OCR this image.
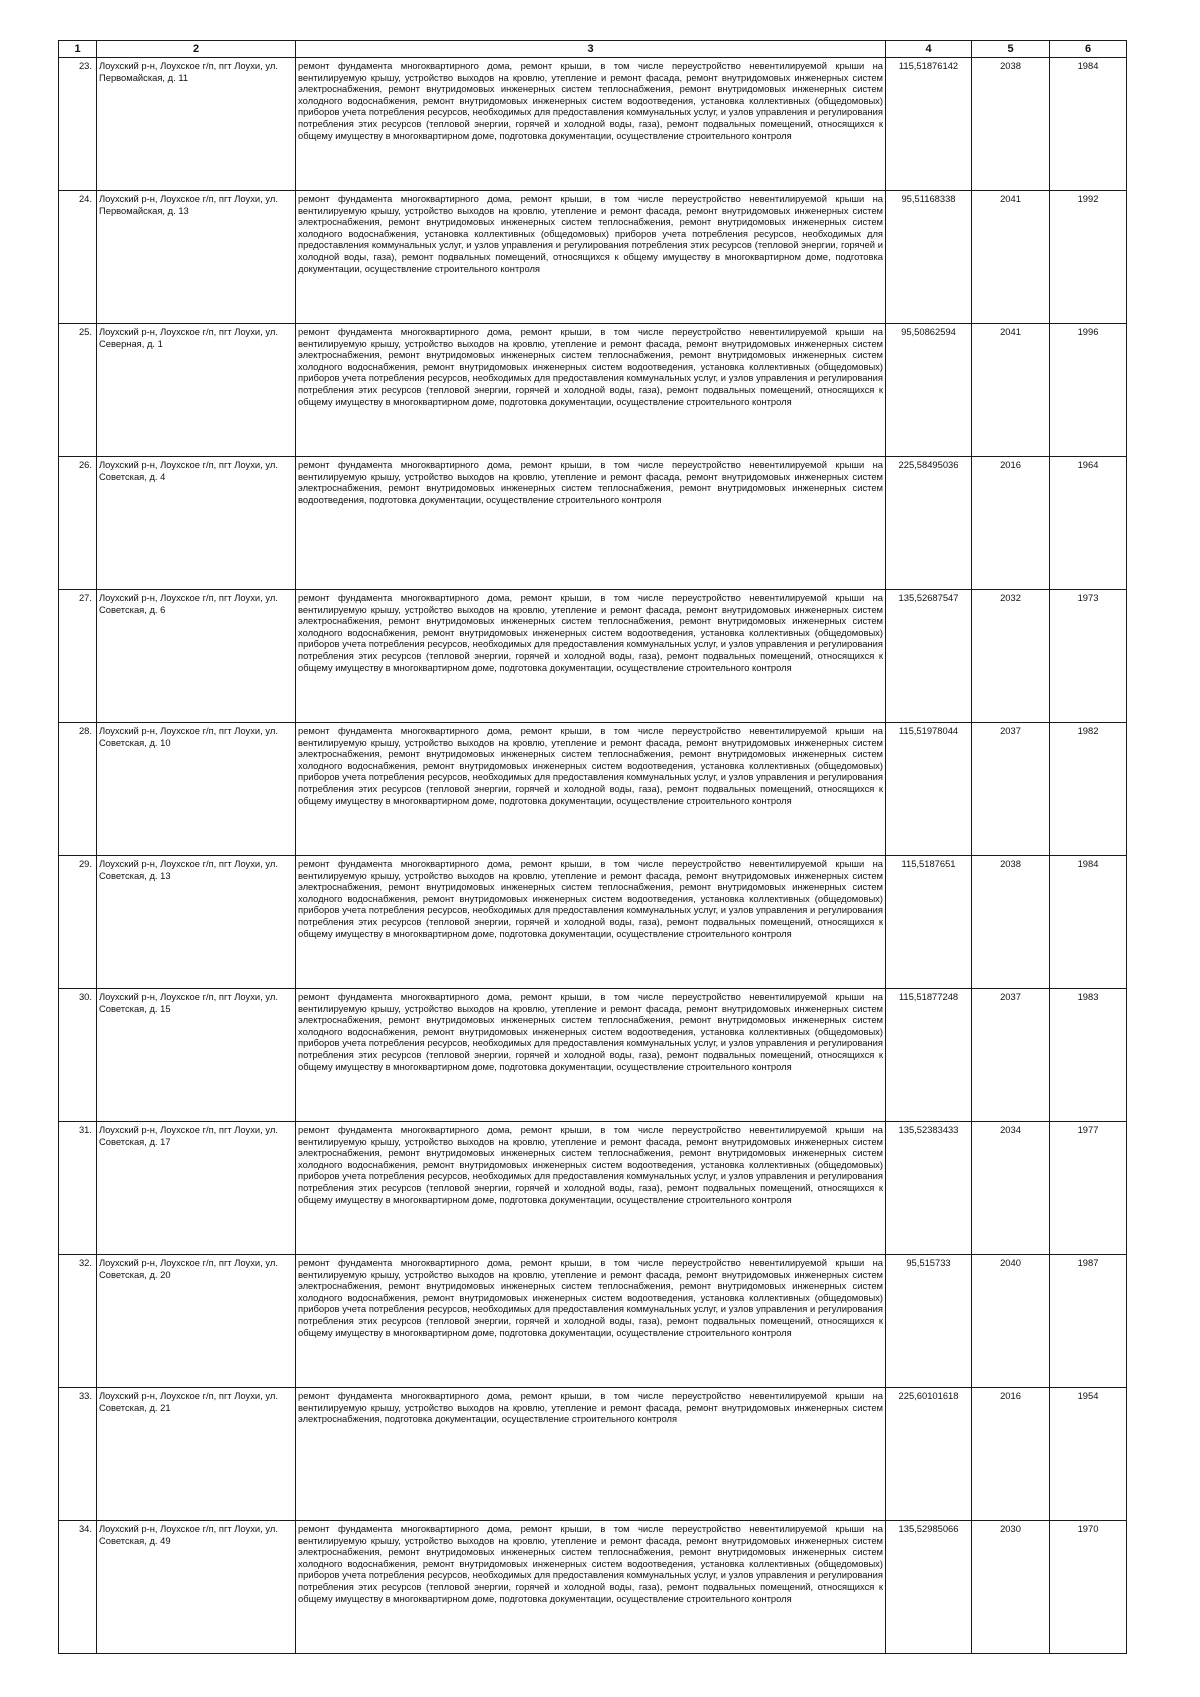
1	2	3	4	5	6
23.	Лоухский р-н, Лоухское г/п, пгт Лоухи, ул. Первомайская, д. 11	ремонт фундамента многоквартирного дома, ремонт крыши, в том числе переустройство невентилируемой крыши на вентилируемую крышу, устройство выходов на кровлю, утепление и ремонт фасада, ремонт внутридомовых инженерных систем электроснабжения, ремонт внутридомовых инженерных систем теплоснабжения, ремонт внутридомовых инженерных систем холодного водоснабжения, ремонт внутридомовых инженерных систем водоотведения, установка коллективных (общедомовых) приборов учета потребления ресурсов, необходимых для предоставления коммунальных услуг, и узлов управления и регулирования потребления этих ресурсов (тепловой энергии, горячей и холодной воды, газа), ремонт подвальных помещений, относящихся к общему имуществу в многоквартирном доме, подготовка документации, осуществление строительного контроля	115,51876142	2038	1984
24.	Лоухский р-н, Лоухское г/п, пгт Лоухи, ул. Первомайская, д. 13	ремонт фундамента многоквартирного дома, ремонт крыши, в том числе переустройство невентилируемой крыши на вентилируемую крышу, устройство выходов на кровлю, утепление и ремонт фасада, ремонт внутридомовых инженерных систем электроснабжения, ремонт внутридомовых инженерных систем теплоснабжения, ремонт внутридомовых инженерных систем холодного водоснабжения, установка коллективных (общедомовых) приборов учета потребления ресурсов, необходимых для предоставления коммунальных услуг, и узлов управления и регулирования потребления этих ресурсов (тепловой энергии, горячей и холодной воды, газа), ремонт подвальных помещений, относящихся к общему имуществу в многоквартирном доме, подготовка документации, осуществление строительного контроля	95,51168338	2041	1992
25.	Лоухский р-н, Лоухское г/п, пгт Лоухи, ул. Северная, д. 1	ремонт фундамента многоквартирного дома, ремонт крыши, в том числе переустройство невентилируемой крыши на вентилируемую крышу, устройство выходов на кровлю, утепление и ремонт фасада, ремонт внутридомовых инженерных систем электроснабжения, ремонт внутридомовых инженерных систем теплоснабжения, ремонт внутридомовых инженерных систем холодного водоснабжения, ремонт внутридомовых инженерных систем водоотведения, установка коллективных (общедомовых) приборов учета потребления ресурсов, необходимых для предоставления коммунальных услуг, и узлов управления и регулирования потребления этих ресурсов (тепловой энергии, горячей и холодной воды, газа), ремонт подвальных помещений, относящихся к общему имуществу в многоквартирном доме, подготовка документации, осуществление строительного контроля	95,50862594	2041	1996
26.	Лоухский р-н, Лоухское г/п, пгт Лоухи, ул. Советская, д. 4	ремонт фундамента многоквартирного дома, ремонт крыши, в том числе переустройство невентилируемой крыши на вентилируемую крышу, устройство выходов на кровлю, утепление и ремонт фасада, ремонт внутридомовых инженерных систем электроснабжения, ремонт внутридомовых инженерных систем теплоснабжения, ремонт внутридомовых инженерных систем водоотведения, подготовка документации, осуществление строительного контроля	225,58495036	2016	1964
27.	Лоухский р-н, Лоухское г/п, пгт Лоухи, ул. Советская, д. 6	ремонт фундамента многоквартирного дома, ремонт крыши, в том числе переустройство невентилируемой крыши на вентилируемую крышу, устройство выходов на кровлю, утепление и ремонт фасада, ремонт внутридомовых инженерных систем электроснабжения, ремонт внутридомовых инженерных систем теплоснабжения, ремонт внутридомовых инженерных систем холодного водоснабжения, ремонт внутридомовых инженерных систем водоотведения, установка коллективных (общедомовых) приборов учета потребления ресурсов, необходимых для предоставления коммунальных услуг, и узлов управления и регулирования потребления этих ресурсов (тепловой энергии, горячей и холодной воды, газа), ремонт подвальных помещений, относящихся к общему имуществу в многоквартирном доме, подготовка документации, осуществление строительного контроля	135,52687547	2032	1973
28.	Лоухский р-н, Лоухское г/п, пгт Лоухи, ул. Советская, д. 10	ремонт фундамента многоквартирного дома, ремонт крыши, в том числе переустройство невентилируемой крыши на вентилируемую крышу, устройство выходов на кровлю, утепление и ремонт фасада, ремонт внутридомовых инженерных систем электроснабжения, ремонт внутридомовых инженерных систем теплоснабжения, ремонт внутридомовых инженерных систем холодного водоснабжения, ремонт внутридомовых инженерных систем водоотведения, установка коллективных (общедомовых) приборов учета потребления ресурсов, необходимых для предоставления коммунальных услуг, и узлов управления и регулирования потребления этих ресурсов (тепловой энергии, горячей и холодной воды, газа), ремонт подвальных помещений, относящихся к общему имуществу в многоквартирном доме, подготовка документации, осуществление строительного контроля	115,51978044	2037	1982
29.	Лоухский р-н, Лоухское г/п, пгт Лоухи, ул. Советская, д. 13	ремонт фундамента многоквартирного дома, ремонт крыши, в том числе переустройство невентилируемой крыши на вентилируемую крышу, устройство выходов на кровлю, утепление и ремонт фасада, ремонт внутридомовых инженерных систем электроснабжения, ремонт внутридомовых инженерных систем теплоснабжения, ремонт внутридомовых инженерных систем холодного водоснабжения, ремонт внутридомовых инженерных систем водоотведения, установка коллективных (общедомовых) приборов учета потребления ресурсов, необходимых для предоставления коммунальных услуг, и узлов управления и регулирования потребления этих ресурсов (тепловой энергии, горячей и холодной воды, газа), ремонт подвальных помещений, относящихся к общему имуществу в многоквартирном доме, подготовка документации, осуществление строительного контроля	115,5187651	2038	1984
30.	Лоухский р-н, Лоухское г/п, пгт Лоухи, ул. Советская, д. 15	ремонт фундамента многоквартирного дома, ремонт крыши, в том числе переустройство невентилируемой крыши на вентилируемую крышу, устройство выходов на кровлю, утепление и ремонт фасада, ремонт внутридомовых инженерных систем электроснабжения, ремонт внутридомовых инженерных систем теплоснабжения, ремонт внутридомовых инженерных систем холодного водоснабжения, ремонт внутридомовых инженерных систем водоотведения, установка коллективных (общедомовых) приборов учета потребления ресурсов, необходимых для предоставления коммунальных услуг, и узлов управления и регулирования потребления этих ресурсов (тепловой энергии, горячей и холодной воды, газа), ремонт подвальных помещений, относящихся к общему имуществу в многоквартирном доме, подготовка документации, осуществление строительного контроля	115,51877248	2037	1983
31.	Лоухский р-н, Лоухское г/п, пгт Лоухи, ул. Советская, д. 17	ремонт фундамента многоквартирного дома, ремонт крыши, в том числе переустройство невентилируемой крыши на вентилируемую крышу, устройство выходов на кровлю, утепление и ремонт фасада, ремонт внутридомовых инженерных систем электроснабжения, ремонт внутридомовых инженерных систем теплоснабжения, ремонт внутридомовых инженерных систем холодного водоснабжения, ремонт внутридомовых инженерных систем водоотведения, установка коллективных (общедомовых) приборов учета потребления ресурсов, необходимых для предоставления коммунальных услуг, и узлов управления и регулирования потребления этих ресурсов (тепловой энергии, горячей и холодной воды, газа), ремонт подвальных помещений, относящихся к общему имуществу в многоквартирном доме, подготовка документации, осуществление строительного контроля	135,52383433	2034	1977
32.	Лоухский р-н, Лоухское г/п, пгт Лоухи, ул. Советская, д. 20	ремонт фундамента многоквартирного дома, ремонт крыши, в том числе переустройство невентилируемой крыши на вентилируемую крышу, устройство выходов на кровлю, утепление и ремонт фасада, ремонт внутридомовых инженерных систем электроснабжения, ремонт внутридомовых инженерных систем теплоснабжения, ремонт внутридомовых инженерных систем холодного водоснабжения, ремонт внутридомовых инженерных систем водоотведения, установка коллективных (общедомовых) приборов учета потребления ресурсов, необходимых для предоставления коммунальных услуг, и узлов управления и регулирования потребления этих ресурсов (тепловой энергии, горячей и холодной воды, газа), ремонт подвальных помещений, относящихся к общему имуществу в многоквартирном доме, подготовка документации, осуществление строительного контроля	95,515733	2040	1987
33.	Лоухский р-н, Лоухское г/п, пгт Лоухи, ул. Советская, д. 21	ремонт фундамента многоквартирного дома, ремонт крыши, в том числе переустройство невентилируемой крыши на вентилируемую крышу, устройство выходов на кровлю, утепление и ремонт фасада, ремонт внутридомовых инженерных систем электроснабжения, подготовка документации, осуществление строительного контроля	225,60101618	2016	1954
34.	Лоухский р-н, Лоухское г/п, пгт Лоухи, ул. Советская, д. 49	ремонт фундамента многоквартирного дома, ремонт крыши, в том числе переустройство невентилируемой крыши на вентилируемую крышу, устройство выходов на кровлю, утепление и ремонт фасада, ремонт внутридомовых инженерных систем электроснабжения, ремонт внутридомовых инженерных систем теплоснабжения, ремонт внутридомовых инженерных систем холодного водоснабжения, ремонт внутридомовых инженерных систем водоотведения, установка коллективных (общедомовых) приборов учета потребления ресурсов, необходимых для предоставления коммунальных услуг, и узлов управления и регулирования потребления этих ресурсов (тепловой энергии, горячей и холодной воды, газа), ремонт подвальных помещений, относящихся к общему имуществу в многоквартирном доме, подготовка документации, осуществление строительного контроля	135,52985066	2030	1970
